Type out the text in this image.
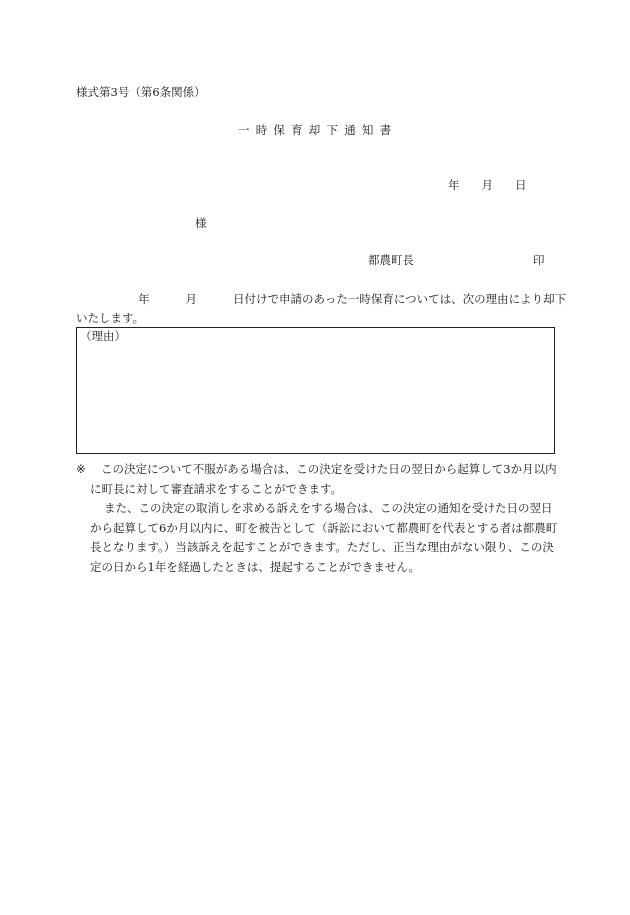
様式第3号（第6条関係）
一時保育却下通知書
年 月 日
様
都農町長	印
年	月	日付けで申請のあった一時保育については、次の理由により却下
いたします。
（理由）

※ この決定について不服がある場合は、この決定を受けた日の翌日から起算して3か月以内に町長に対して審査請求をすることができます。

また、この決定の取消しを求める訴えをする場合は、この決定の通知を受けた日の翌日から起算して6か月以内に、町を被告として（訴訟において都農町を代表とする者は都農町長となります。）当該訴えを起すことができます。ただし、正当な理由がない限り、この決定の日から1年を経過したときは、提起することができません。
